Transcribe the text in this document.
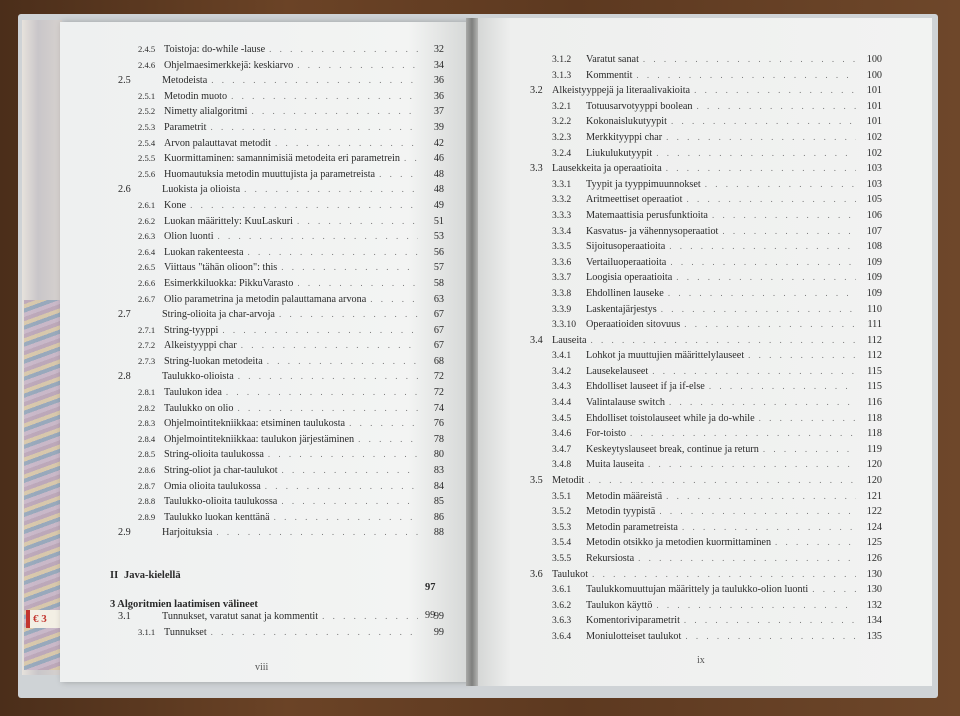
€ 3
2.4.5 Toistoja: do-while -lause . . .	32
2.4.6 Ohjelmaesimerkkejä: keskiarvo . . .	34
2.5	Metodeista . . .	36
2.5.1 Metodin muoto . . .	36
2.5.2 Nimetty alialgoritmi . . .	37
2.5.3 Parametrit . . .	39
2.5.4 Arvon palauttavat metodit . . .	42
2.5.5 Kuormittaminen: samannimisiä metodeita eri parametrein . . .	46
2.5.6 Huomautuksia metodin muuttujista ja parametreista . . .	48
2.6	Luokista ja olioista . . .	48
2.6.1 Kone . . .	49
2.6.2 Luokan määrittely: KuuLaskuri . . .	51
2.6.3 Olion luonti . . .	53
2.6.4 Luokan rakenteesta . . .	56
2.6.5 Viittaus "tähän olioon": this . . .	57
2.6.6 Esimerkkiluokka: PikkuVarasto . . .	58
2.6.7 Olio parametrina ja metodin palauttamana arvona . . .	63
2.7	String-olioita ja char-arvoja . . .	67
2.7.1 String-tyyppi . . .	67
2.7.2 Alkeistyyppi char . . .	67
2.7.3 String-luokan metodeita . . .	68
2.8	Taulukko-olioista . . .	72
2.8.1 Taulukon idea . . .	72
2.8.2 Taulukko on olio . . .	74
2.8.3 Ohjelmointitekniikkaa: etsiminen taulukosta . . .	76
2.8.4 Ohjelmointitekniikkaa: taulukon järjestäminen . . .	78
2.8.5 String-olioita taulukossa . . .	80
2.8.6 String-oliot ja char-taulukot . . .	83
2.8.7 Omia olioita taulukossa . . .	84
2.8.8 Taulukko-olioita taulukossa . . .	85
2.8.9 Taulukko luokan kenttänä . . .	86
2.9	Harjoituksia . . .	88
II Java-kielellä
97
3 Algoritmien laatimisen välineet
99
3.1	Tunnukset, varatut sanat ja kommentit . . .	99
3.1.1 Tunnukset . . .	99
3.1.2	Varatut sanat . . .	100
3.1.3	Kommentit . . .	100
3.2 Alkeistyyppejä ja literaalivakioita . . .	101
3.2.1	Totuusarvotyyppi boolean . . .	101
3.2.2	Kokonaislukutyypit . . .	101
3.2.3	Merkkityyppi char . . .	102
3.2.4	Liukulukutyypit . . .	102
3.3 Lausekkeita ja operaatioita . . .	103
3.3.1	Tyypit ja tyyppimuunnokset . . .	103
3.3.2	Aritmeettiset operaatiot . . .	105
3.3.3	Matemaattisia perusfunktioita . . .	106
3.3.4	Kasvatus- ja vähennysoperaatiot . . .	107
3.3.5	Sijoitusoperaatioita . . .	108
3.3.6	Vertailuoperaatioita . . .	109
3.3.7	Loogisia operaatioita . . .	109
3.3.8	Ehdollinen lauseke . . .	109
3.3.9	Laskentajärjestys . . .	110
3.3.10 Operaatioiden sitovuus . . .	111
3.4 Lauseita . . .	112
3.4.1	Lohkot ja muuttujien määrittelylauseet . . .	112
3.4.2	Lausekelauseet . . .	115
3.4.3	Ehdolliset lauseet if ja if-else . . .	115
3.4.4	Valintalause switch . . .	116
3.4.5	Ehdolliset toistolauseet while ja do-while . . .	118
3.4.6	For-toisto . . .	118
3.4.7	Keskeytyslauseet break, continue ja return . . .	119
3.4.8	Muita lauseita . . .	120
3.5 Metodit . . .	120
3.5.1	Metodin määreistä . . .	121
3.5.2	Metodin tyypistä . . .	122
3.5.3	Metodin parametreista . . .	124
3.5.4	Metodin otsikko ja metodien kuormittaminen . . .	125
3.5.5	Rekursiosta . . .	126
3.6 Taulukot . . .	130
3.6.1	Taulukkomuuttujan määrittely ja taulukko-olion luonti . . .	130
3.6.2	Taulukon käyttö . . .	132
3.6.3	Komentoriviparametrit . . .	134
3.6.4	Moniulotteiset taulukot . . .	135
viii
ix
